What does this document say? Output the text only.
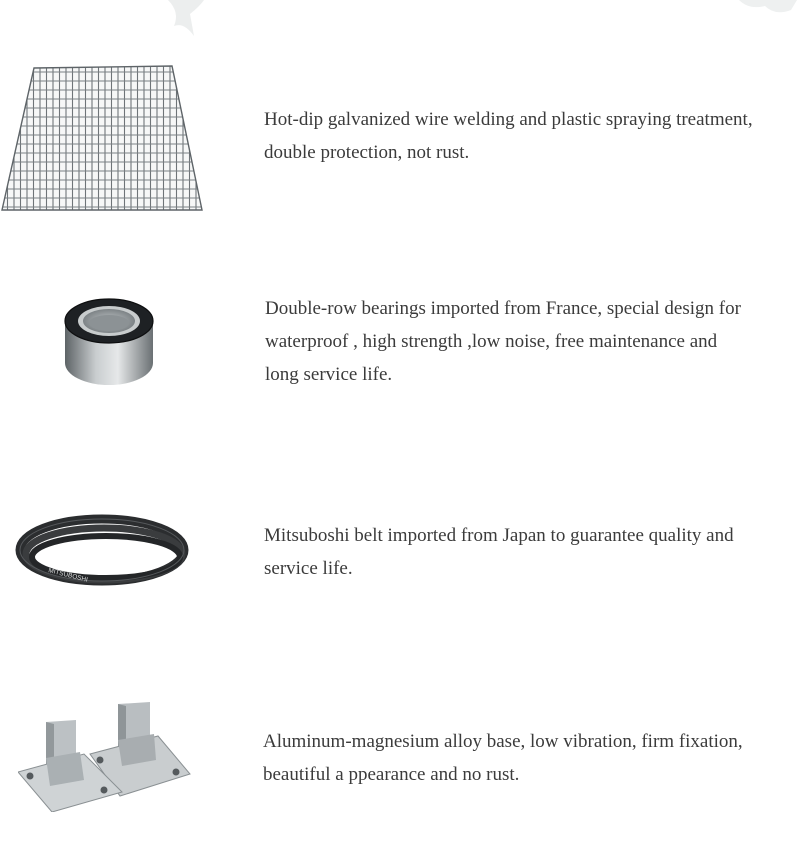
Hot-dip galvanized wire welding and plastic spraying treatment,
double protection, not rust.

Double-row bearings imported from France, special design for
waterproof , high strength ,low noise, free maintenance and
long service life.

MITSUBOSHI

Mitsuboshi belt imported from Japan to guarantee quality and
service life.

Aluminum-magnesium alloy base, low vibration, firm fixation,
beautiful a ppearance and no rust.
